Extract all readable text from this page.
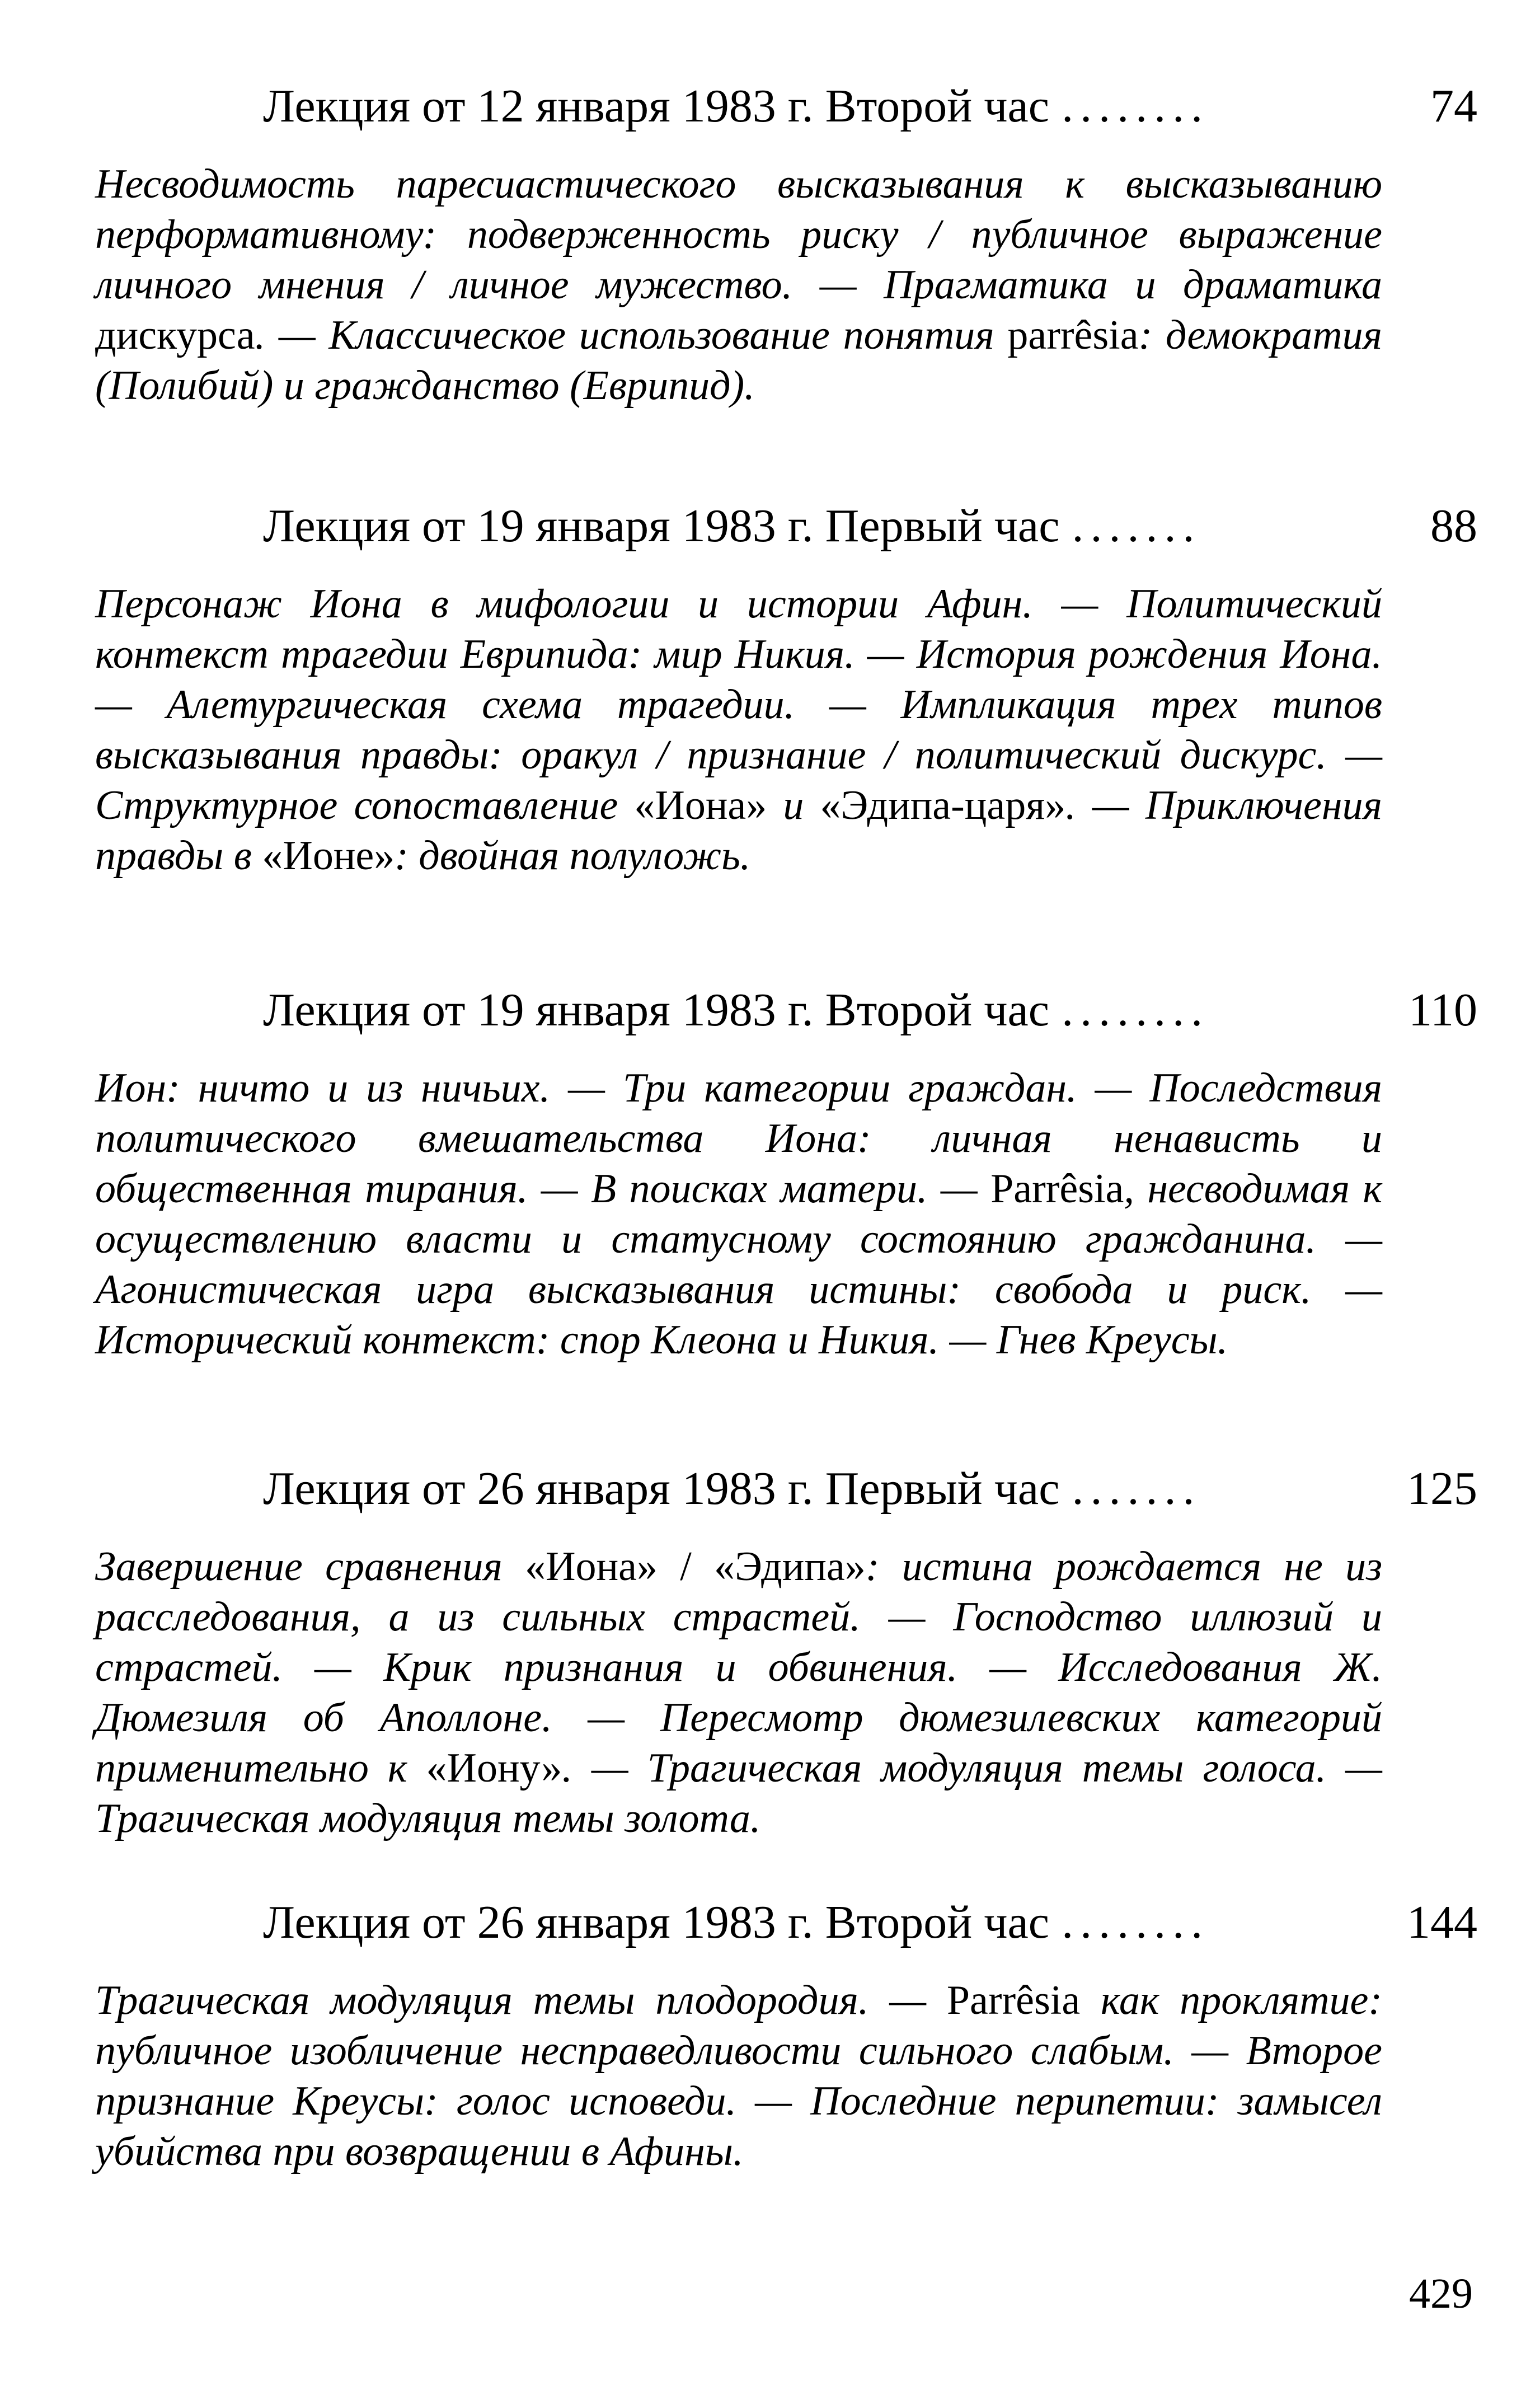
Лекция от 12 января 1983 г. Второй час ........	74
Несводимость паресиастического высказывания к высказыванию перформативному: подверженность риску / публичное выражение личного мнения / личное мужество. — Прагматика и драматика дискурса. — Классическое использование понятия parrêsia: демократия (Полибий) и гражданство (Еврипид).
Лекция от 19 января 1983 г. Первый час .......	88
Персонаж Иона в мифологии и истории Афин. — Политический контекст трагедии Еврипида: мир Никия. — История рождения Иона. — Алетургическая схема трагедии. — Импликация трех типов высказывания правды: оракул / признание / политический дискурс. — Структурное сопоставление «Иона» и «Эдипа-царя». — Приключения правды в «Ионе»: двойная полуложь.
Лекция от 19 января 1983 г. Второй час ........	110
Ион: ничто и из ничьих. — Три категории граждан. — Последствия политического вмешательства Иона: личная ненависть и общественная тирания. — В поисках матери. — Parrêsia, несводимая к осуществлению власти и статусному состоянию гражданина. —Агонистическая игра высказывания истины: свобода и риск. — Исторический контекст: спор Клеона и Никия. — Гнев Креусы.
Лекция от 26 января 1983 г. Первый час .......	125
Завершение сравнения «Иона» / «Эдипа»: истина рождается не из расследования, а из сильных страстей. — Господство иллюзий и страстей. — Крик признания и обвинения. — Исследования Ж. Дюмезиля об Аполлоне. — Пересмотр дюмезилевских категорий применительно к «Иону». — Трагическая модуляция темы голоса. — Трагическая модуляция темы золота.
Лекция от 26 января 1983 г. Второй час ........	144
Трагическая модуляция темы плодородия. — Parrêsia как проклятие: публичное изобличение несправедливости сильного слабым. — Второе признание Креусы: голос исповеди. — Последние перипетии: замысел убийства при возвращении в Афины.
429
